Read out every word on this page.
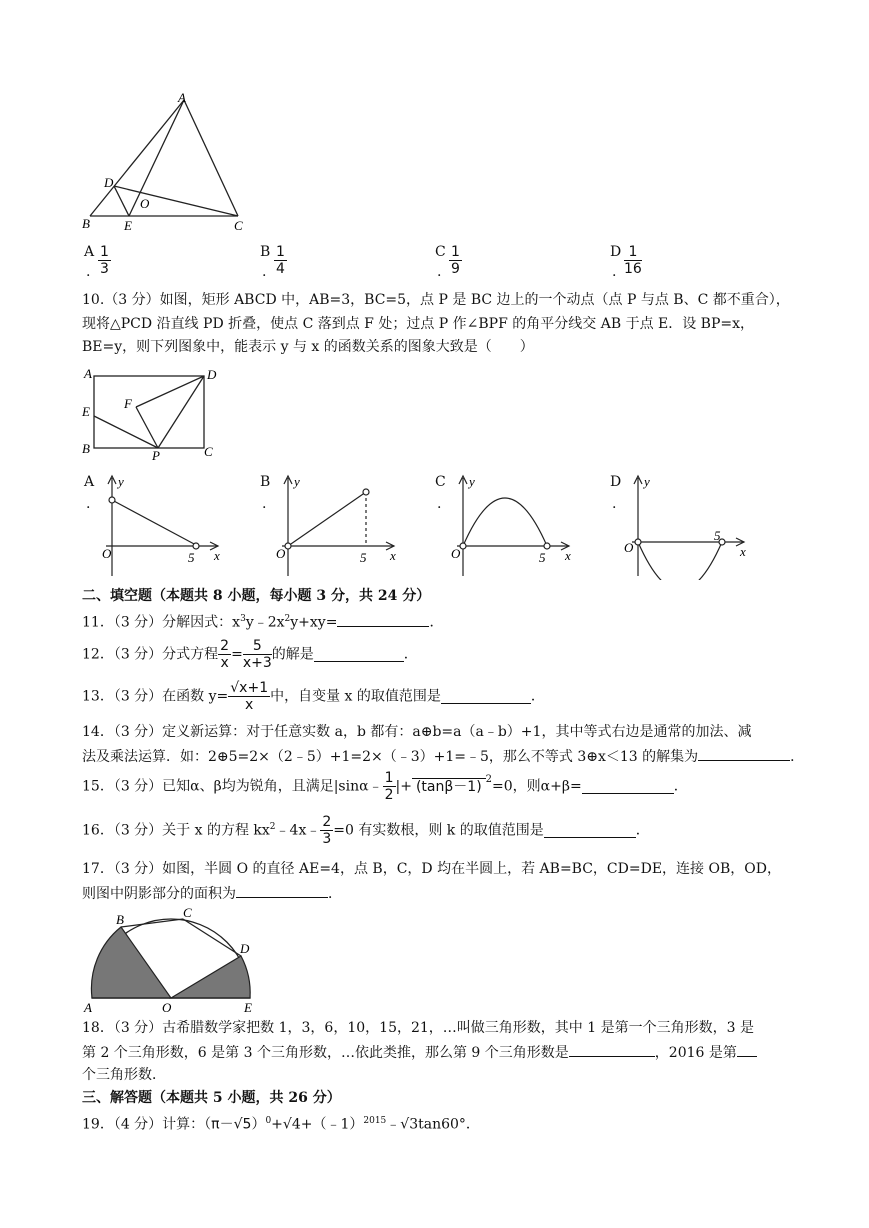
A
D
O
B	E	C
A
. $\frac{1}{3}$	B
. $\frac{1}{4}$	C
. $\frac{1}{9}$	D
. $\frac{1}{16}$
10.（3 分）如图，矩形 ABCD 中，AB=3，BC=5，点 P 是 BC 边上的一个动点（点 P 与点 B、C 都不重合），
现将△PCD 沿直线 PD 折叠，使点 C 落到点 F 处；过点 P 作∠BPF 的角平分线交 AB 于点 E．设 BP=x，
BE=y，则下列图象中，能表示 y 与 x 的函数关系的图象大致是（　　）
A	D
F
E
B	P	C
A
.
y
O	5 x
B
.
y
O	5 x
C
.
y
O	5 x
D
.
y
O
5
x
二、填空题（本题共 8 小题，每小题 3 分，共 24 分）
11．（3 分）分解因式：$x^3y﹣2x^2y+xy=$	．
12．（3 分）分式方程 $\frac{2}{x} = \frac{5}{x+3}$ 的解是	．
13．（3 分）在函数 $y= \frac{√x+1}{x}$ 中，自变量 x 的取值范围是	．
14．（3 分）定义新运算：对于任意实数 a，b 都有：a⊕b=a（a﹣b）+1，其中等式右边是通常的加法、减
法及乘法运算．如：2⊕5=2×（2﹣5）+1=2×（﹣3）+1=﹣5，那么不等式 3⊕x＜13 的解集为	．
15．（3 分）已知α、β均为锐角，且满足|sinα﹣ $\frac{1}{2}$ |+ (tanβ－1) $^2$=0，则α+β=	．
16．（3 分）关于 x 的方程 $kx^2﹣4x﹣ \frac{2}{3} =0$ 有实数根，则 k 的取值范围是	．
17．（3 分）如图，半圆 O 的直径 AE=4，点 B，C，D 均在半圆上，若 AB=BC，CD=DE，连接 OB，OD，
则图中阴影部分的面积为	．
B	C
D
A	O	E
18．（3 分）古希腊数学家把数 1，3，6，10，15，21，…叫做三角形数，其中 1 是第一个三角形数，3 是
第 2 个三角形数，6 是第 3 个三角形数，…依此类推，那么第 9 个三角形数是	，2016 是第
个三角形数．
三、解答题（本题共 5 小题，共 26 分）
19．（4 分）计算：$(\pi-√5)^0+√4+(﹣1)^{2015}﹣√3\tan 60^\circ$．
